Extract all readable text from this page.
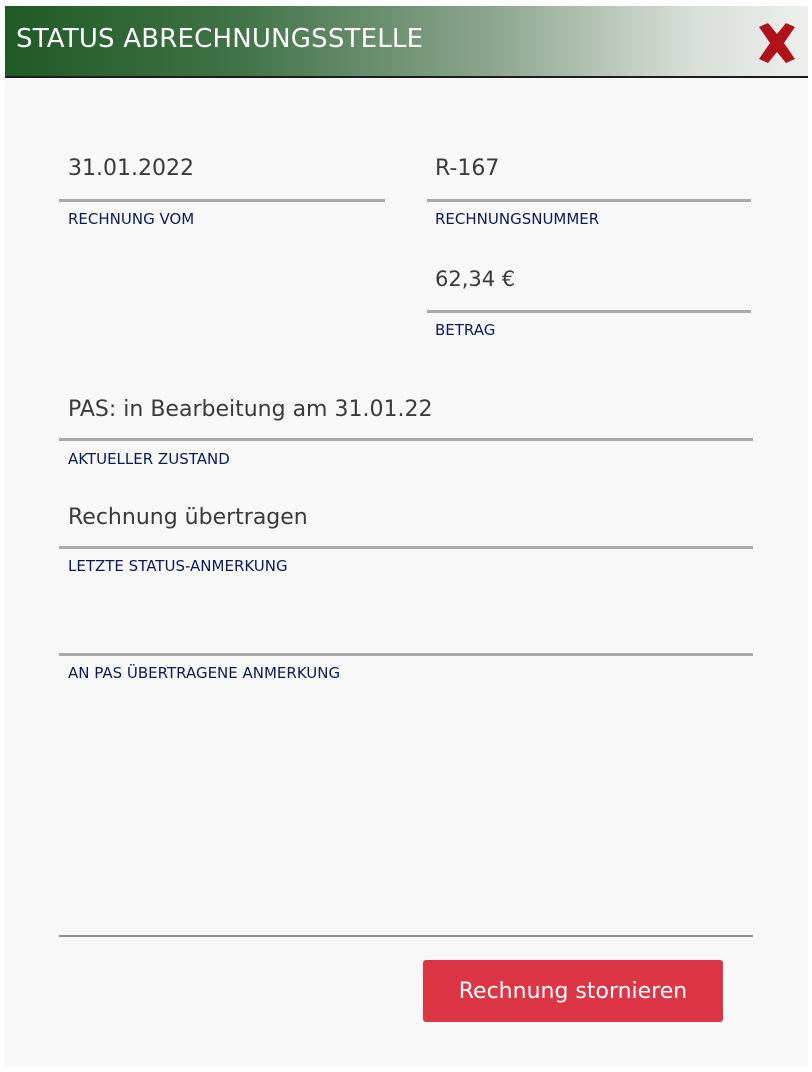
STATUS ABRECHNUNGSSTELLE
31.01.2022
RECHNUNG VOM
R-167
RECHNUNGSNUMMER
62,34 €
BETRAG
PAS: in Bearbeitung am 31.01.22
AKTUELLER ZUSTAND
Rechnung übertragen
LETZTE STATUS-ANMERKUNG
AN PAS ÜBERTRAGENE ANMERKUNG
Rechnung stornieren
